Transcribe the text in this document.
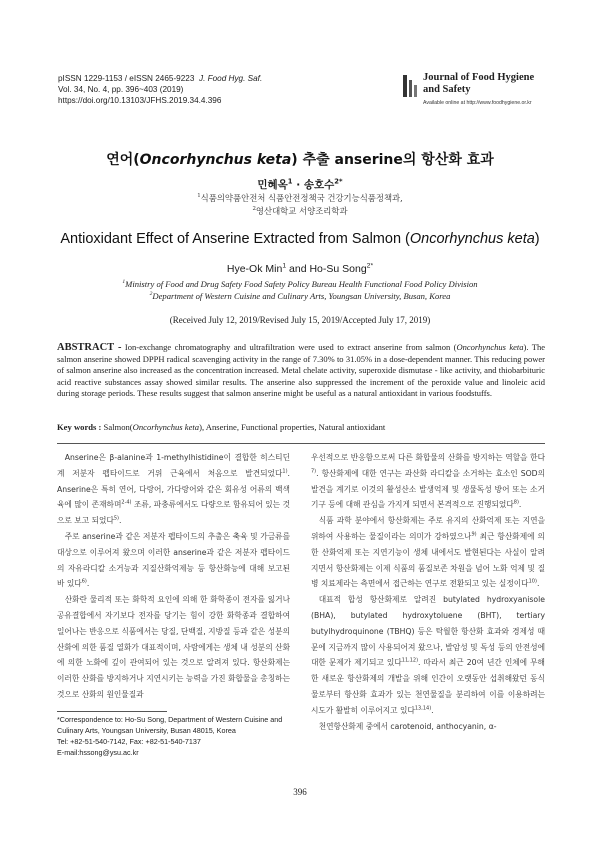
pISSN 1229-1153 / eISSN 2465-9223 J. Food Hyg. Saf.
Vol. 34, No. 4, pp. 396~403 (2019)
https://doi.org/10.13103/JFHS.2019.34.4.396
Journal of Food Hygiene
and Safety
Available online at http://www.foodhygiene.or.kr
연어(Oncorhynchus keta) 추출 anserine의 항산화 효과
민혜옥$^1$ · 송호수$^{2*}$
$^1$식품의약품안전처 식품안전정책국 건강기능식품정책과,
$^2$영산대학교 서양조리학과
Antioxidant Effect of Anserine Extracted from Salmon (Oncorhynchus keta)
Hye-Ok Min$^1$ and Ho-Su Song$^{2*}$
$^1$Ministry of Food and Drug Safety Food Safety Policy Bureau Health Functional Food Policy Division
$^2$Department of Western Cuisine and Culinary Arts, Youngsan University, Busan, Korea
(Received July 12, 2019/Revised July 15, 2019/Accepted July 17, 2019)
ABSTRACT - Ion-exchange chromatography and ultrafiltration were used to extract anserine from salmon (Oncorhynchus keta). The salmon anserine showed DPPH radical scavenging activity in the range of 7.30% to 31.05% in a dose-dependent manner. This reducing power of salmon anserine also increased as the concentration increased. Metal chelate activity, superoxide dismutase - like activity, and thiobarbituric acid reactive substances assay showed similar results. The anserine also suppressed the increment of the peroxide value and linoleic acid during storage periods. These results suggest that salmon anserine might be useful as a natural antioxidant in various foodstuffs.
Key words : Salmon(Oncorhynchus keta), Anserine, Functional properties, Natural antioxidant

Anserine은 β-alanine과 1-methylhistidine이 결합한 히스티딘계 저분자 펩타이드로 거위 근육에서 처음으로 발견되었다$^{1)}$. Anserine은 특히 연어, 다랑어, 가다랑어와 같은 회유성 어류의 백색육에 많이 존재하며$^{2-4)}$ 조류, 파충류에서도 다량으로 함유되어 있는 것으로 보고 되었다$^{5)}$.

주로 anserine과 같은 저분자 펩타이드의 추출은 축육 및 가금류를 대상으로 이루어져 왔으며 이러한 anserine과 같은 저분자 펩타이드의 자유라디칼 소거능과 지질산화억제능 등 항산화능에 대해 보고된 바 있다$^{6)}$.

산화란 물리적 또는 화학적 요인에 의해 한 화학종이 전자를 잃거나 공유결합에서 자기보다 전자를 당기는 힘이 강한 화학종과 결합하여 일어나는 반응으로 식품에서는 당질, 단백질, 지방질 등과 같은 성분의 산화에 의한 품질 열화가 대표적이며, 사람에게는 생체 내 성분의 산화에 의한 노화에 깊이 관여되어 있는 것으로 알려져 있다. 항산화제는 이러한 산화를 방지하거나 지연시키는 능력을 가진 화합물을 총칭하는 것으로 산화의 원인물질과

우선적으로 반응함으로써 다른 화합물의 산화를 방지하는 역할을 한다$^{7)}$. 항산화제에 대한 연구는 과산화 라디칼을 소거하는 효소인 SOD의 발견을 계기로 이것의 활성산소 발생억제 및 생물독성 방어 또는 소거기구 등에 대해 관심을 가지게 되면서 본격적으로 진행되었다$^{8)}$.

식품 과학 분야에서 항산화제는 주로 유지의 산화억제 또는 지연을 위하여 사용하는 물질이라는 의미가 강하였으나$^{9)}$ 최근 항산화제에 의한 산화억제 또는 지연기능이 생체 내에서도 발현된다는 사실이 알려지면서 항산화제는 이제 식품의 품질보존 차원을 넘어 노화 억제 및 질병 치료제라는 측면에서 접근하는 연구로 전환되고 있는 실정이다$^{10)}$.

대표적 합성 항산화제로 알려진 butylated hydroxyanisole (BHA), butylated hydroxytoluene (BHT), tertiary butylhydroquinone (TBHQ) 등은 탁월한 항산화 효과와 경제성 때문에 지금까지 많이 사용되어져 왔으나, 발암성 및 독성 등의 안전성에 대한 문제가 제기되고 있다$^{11,12)}$. 따라서 최근 20여 년간 인체에 무해한 새로운 항산화제의 개발을 위해 인간이 오랫동안 섭취해왔던 동식물로부터 항산화 효과가 있는 천연물질을 분리하여 이를 이용하려는 시도가 활발히 이루어지고 있다$^{13,14)}$.

천연항산화제 중에서 carotenoid, anthocyanin, α-

*Correspondence to: Ho-Su Song, Department of Western Cuisine and Culinary Arts, Youngsan University, Busan 48015, Korea
Tel: +82-51-540-7142, Fax: +82-51-540-7137
E-mail:hssong@ysu.ac.kr
396
